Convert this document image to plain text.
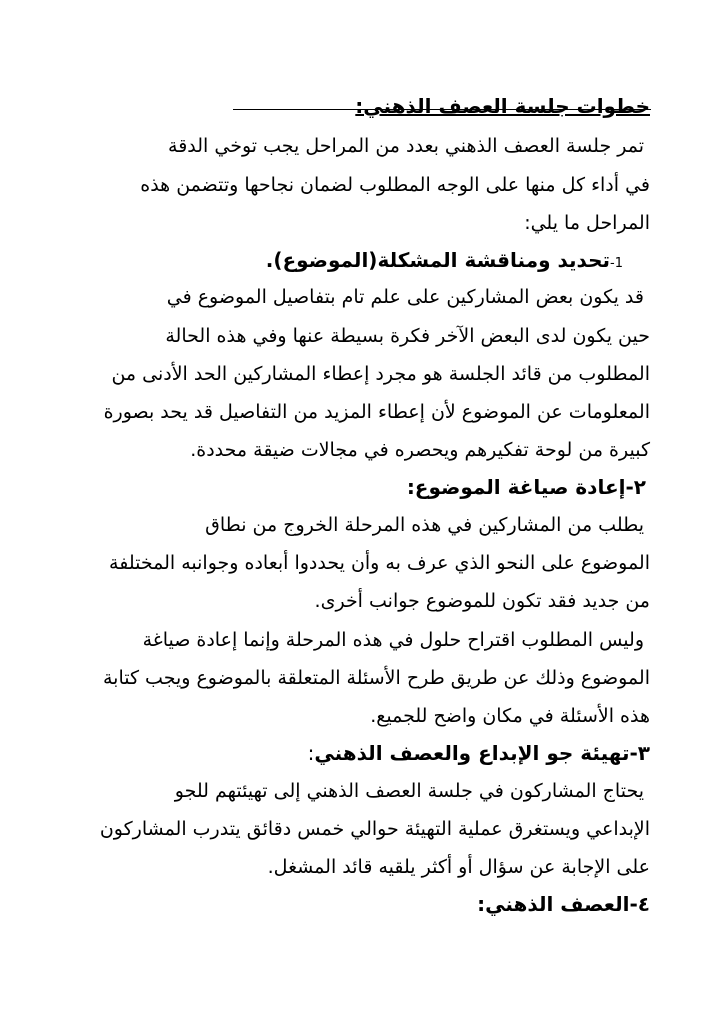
خطوات جلسة العصف الذهني:
تمر جلسة العصف الذهني بعدد من المراحل يجب توخي الدقة
في أداء كل منها على الوجه المطلوب لضمان نجاحها وتتضمن هذه
المراحل ما يلي:
1-تحديد ومناقشة المشكلة(الموضوع).
قد يكون بعض المشاركين على علم تام بتفاصيل الموضوع في
حين يكون لدى البعض الآخر فكرة بسيطة عنها وفي هذه الحالة
المطلوب من قائد الجلسة هو مجرد إعطاء المشاركين الحد الأدنى من
المعلومات عن الموضوع لأن إعطاء المزيد من التفاصيل قد يحد بصورة
كبيرة من لوحة تفكيرهم ويحصره في مجالات ضيقة محددة.
٢-إعادة صياغة الموضوع:
يطلب من المشاركين في هذه المرحلة الخروج من نطاق
الموضوع على النحو الذي عرف به وأن يحددوا أبعاده وجوانبه المختلفة
من جديد فقد تكون للموضوع جوانب أخرى.
وليس المطلوب اقتراح حلول في هذه المرحلة وإنما إعادة صياغة
الموضوع وذلك عن طريق طرح الأسئلة المتعلقة بالموضوع ويجب كتابة
هذه الأسئلة في مكان واضح للجميع.
٣-تهيئة جو الإبداع والعصف الذهني:
يحتاج المشاركون في جلسة العصف الذهني إلى تهيئتهم للجو
الإبداعي ويستغرق عملية التهيئة حوالي خمس دقائق يتدرب المشاركون
على الإجابة عن سؤال أو أكثر يلقيه قائد المشغل.
٤-العصف الذهني:
